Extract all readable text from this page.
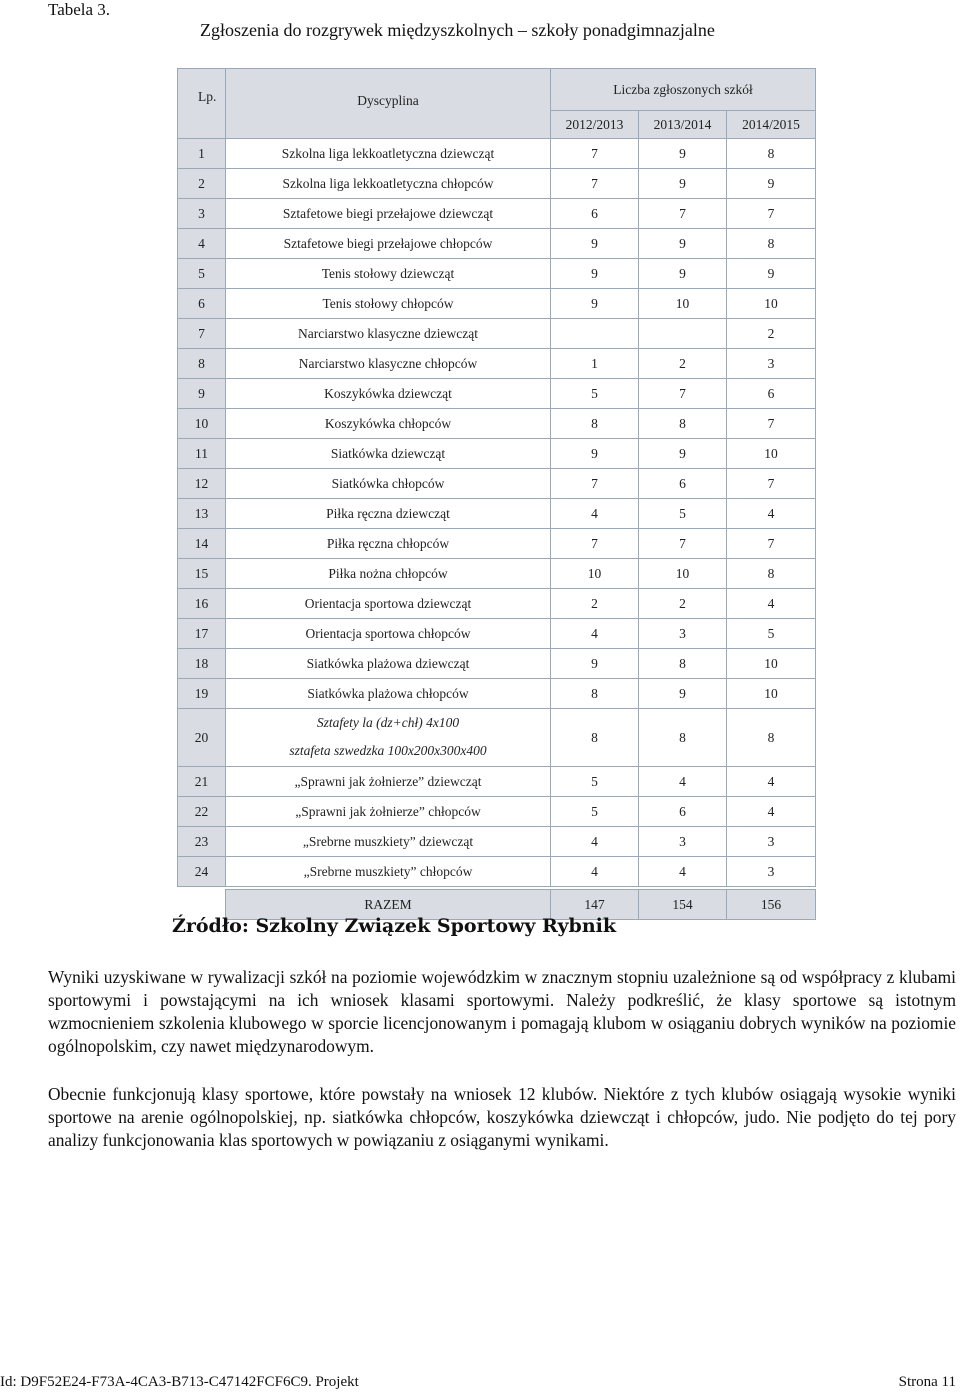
Tabela 3.
Zgłoszenia do rozgrywek międzyszkolnych – szkoły ponadgimnazjalne
Lp.	Dyscyplina	Liczba zgłoszonych szkół		
		2012/2013	2013/2014	2014/2015
1	Szkolna liga lekkoatletyczna dziewcząt	7	9	8
2	Szkolna liga lekkoatletyczna chłopców	7	9	9
3	Sztafetowe biegi przełajowe dziewcząt	6	7	7
4	Sztafetowe biegi przełajowe chłopców	9	9	8
5	Tenis stołowy dziewcząt	9	9	9
6	Tenis stołowy chłopców	9	10	10
7	Narciarstwo klasyczne dziewcząt			2
8	Narciarstwo klasyczne chłopców	1	2	3
9	Koszykówka dziewcząt	5	7	6
10	Koszykówka chłopców	8	8	7
11	Siatkówka dziewcząt	9	9	10
12	Siatkówka chłopców	7	6	7
13	Piłka ręczna dziewcząt	4	5	4
14	Piłka ręczna chłopców	7	7	7
15	Piłka nożna chłopców	10	10	8
16	Orientacja sportowa dziewcząt	2	2	4
17	Orientacja sportowa chłopców	4	3	5
18	Siatkówka plażowa dziewcząt	9	8	10
19	Siatkówka plażowa chłopców	8	9	10
20	Sztafety la (dz+chł) 4x100
sztafeta szwedzka 100x200x300x400	8	8	8
21	„Sprawni jak żołnierze” dziewcząt	5	4	4
22	„Sprawni jak żołnierze” chłopców	5	6	4
23	„Srebrne muszkiety” dziewcząt	4	3	3
24	„Srebrne muszkiety” chłopców	4	4	3

	RAZEM	147	154	156
Źródło: Szkolny Związek Sportowy Rybnik
Wyniki uzyskiwane w rywalizacji szkół na poziomie wojewódzkim w znacznym stopniu uzależnione są od współpracy z klubami sportowymi i powstającymi na ich wniosek klasami sportowymi. Należy podkreślić, że klasy sportowe są istotnym wzmocnieniem szkolenia klubowego w sporcie licencjonowanym i pomagają klubom w osiąganiu dobrych wyników na poziomie ogólnopolskim, czy nawet międzynarodowym.
Obecnie funkcjonują klasy sportowe, które powstały na wniosek 12 klubów. Niektóre z tych klubów osiągają wysokie wyniki sportowe na arenie ogólnopolskiej, np. siatkówka chłopców, koszykówka dziewcząt i chłopców, judo. Nie podjęto do tej pory analizy funkcjonowania klas sportowych w powiązaniu z osiąganymi wynikami.
Id: D9F52E24-F73A-4CA3-B713-C47142FCF6C9. Projekt	Strona 11
